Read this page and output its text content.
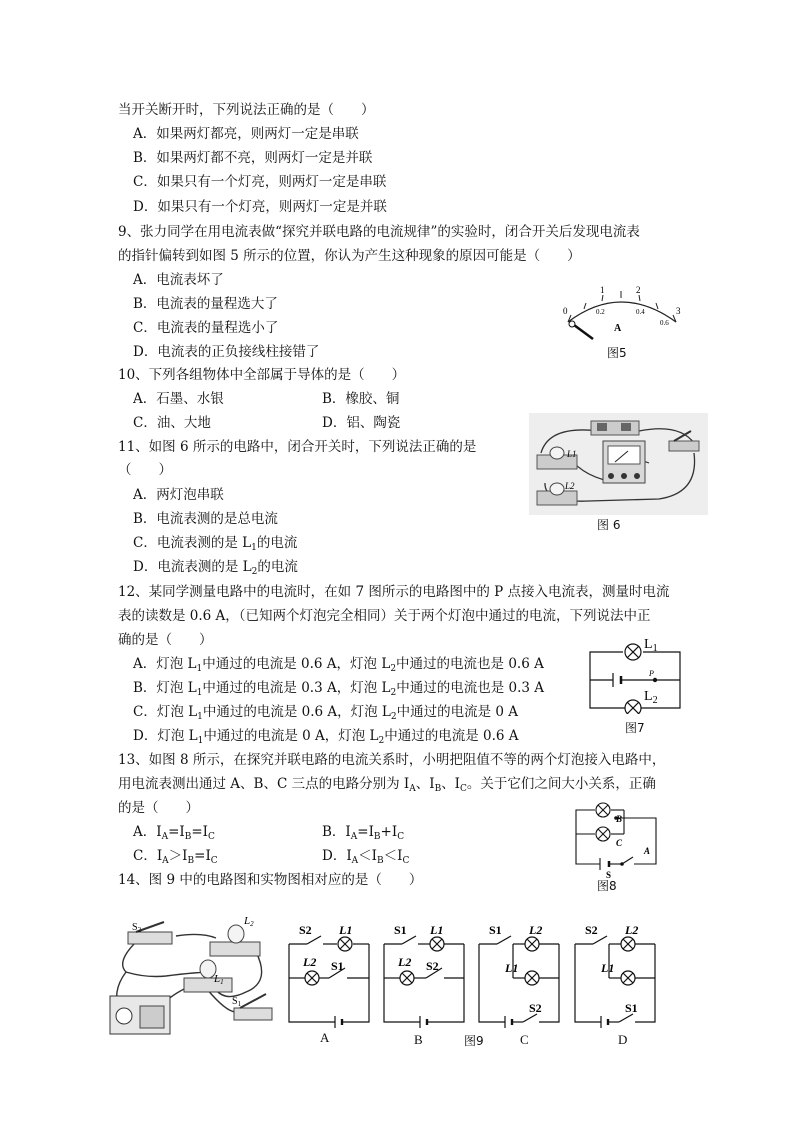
当开关断开时，下列说法正确的是（　　）
A．如果两灯都亮，则两灯一定是串联
B．如果两灯都不亮，则两灯一定是并联
C．如果只有一个灯亮，则两灯一定是串联
D．如果只有一个灯亮，则两灯一定是并联
9、张力同学在用电流表做“探究并联电路的电流规律”的实验时，闭合开关后发现电流表
的指针偏转到如图 5 所示的位置，你认为产生这种现象的原因可能是（　　）
A．电流表坏了
B．电流表的量程选大了
C．电流表的量程选小了
D．电流表的正负接线柱接错了
0
1	2
3
0.2	0.4
0.6
A
图5
10、下列各组物体中全部属于导体的是（　　）
A．石墨、水银	B．橡胶、铜
C．油、大地	D．铝、陶瓷
11、如图 6 所示的电路中，闭合开关时，下列说法正确的是
（　　）
A．两灯泡串联
B．电流表测的是总电流
C．电流表测的是 $L_1$的电流
D．电流表测的是 $L_2$的电流
L1
L2
图 6
12、某同学测量电路中的电流时，在如 7 图所示的电路图中的 P 点接入电流表，测量时电流
表的读数是 0.6 A，（已知两个灯泡完全相同）关于两个灯泡中通过的电流，下列说法中正
确的是（　　）
A．灯泡 $L_1$中通过的电流是 0.6 A，灯泡 $L_2$中通过的电流也是 0.6 A
B．灯泡 $L_1$中通过的电流是 0.3 A，灯泡 $L_2$中通过的电流也是 0.3 A
C．灯泡 $L_1$中通过的电流是 0.6 A，灯泡 $L_2$中通过的电流是 0 A
D．灯泡 $L_1$中通过的电流是 0 A，灯泡 $L_2$中通过的电流是 0.6 A
$L_1$
P
$L_2$
图7
13、如图 8 所示，在探究并联电路的电流关系时，小明把阻值不等的两个灯泡接入电路中，
用电流表测出通过 A、B、C 三点的电路分别为 $I_A$、$I_B$、$I_C$。关于它们之间大小关系，正确
的是（　　）
A．$I_A=I_B=I_C$	B．$I_A=I_B+I_C$
C．$I_A>I_B=I_C$	D．$I_A<I_B<I_C$
B
C
A
S
图8
14、图 9 中的电路图和实物图相对应的是（　　）
$S_2$
L2
L1
$S_1$
S2 L1
L2 S1
S1 L1
L2 S2
S1 L2
L1
S2
S2 L2
L1
S1
A	B	图9	C	D
